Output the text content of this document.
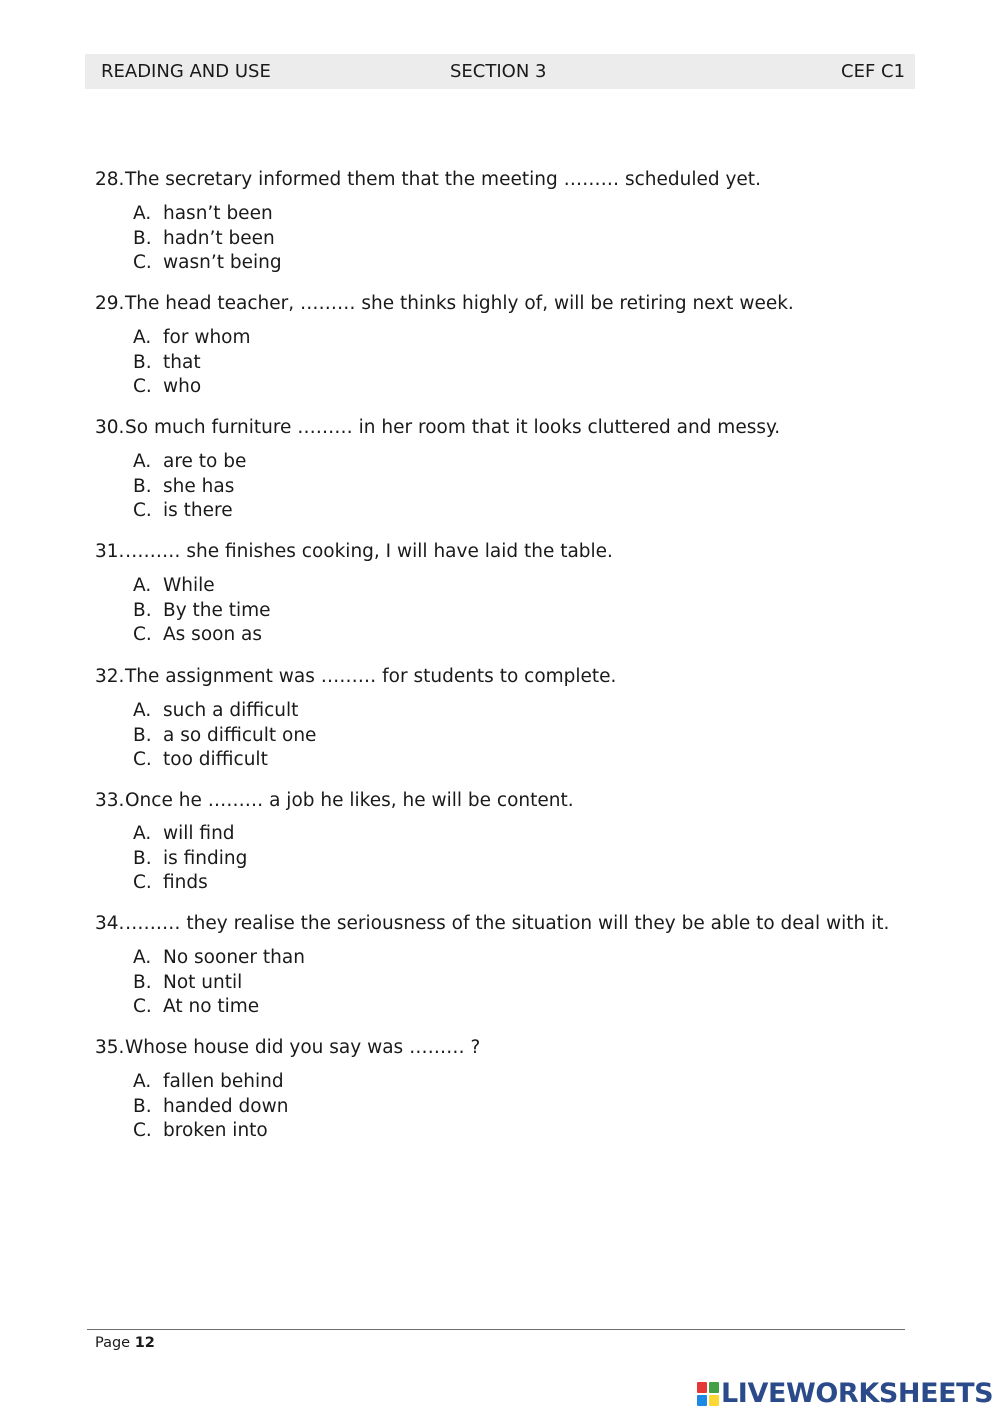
READING AND USE	SECTION 3	CEF C1
28.The secretary informed them that the meeting ……… scheduled yet.
A. hasn’t been
B. hadn’t been
C. wasn’t being
29.The head teacher, ……… she thinks highly of, will be retiring next week.
A. for whom
B. that
C. who
30.So much furniture ……… in her room that it looks cluttered and messy.
A. are to be
B. she has
C. is there
31.……… she finishes cooking, I will have laid the table.
A. While
B. By the time
C. As soon as
32.The assignment was ……… for students to complete.
A. such a difficult
B. a so difficult one
C. too difficult
33.Once he ……… a job he likes, he will be content.
A. will find
B. is finding
C. finds
34.……… they realise the seriousness of the situation will they be able to deal with it.
A. No sooner than
B. Not until
C. At no time
35.Whose house did you say was ……… ?
A. fallen behind
B. handed down
C. broken into
Page 12
LIVEWORKSHEETS
